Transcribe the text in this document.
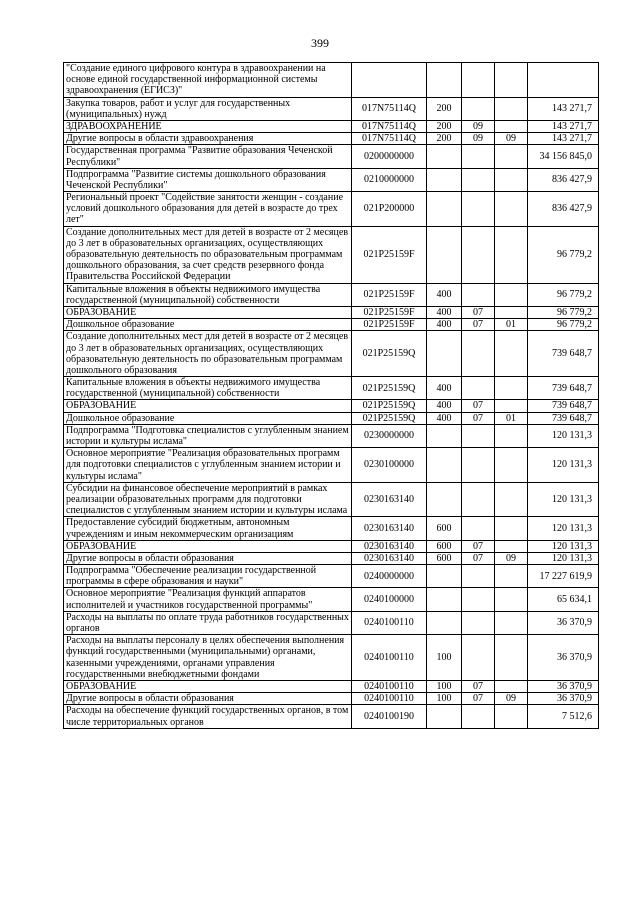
399
"Создание единого цифрового контура в здравоохранении на основе единой государственной информационной системы здравоохранения (ЕГИСЗ)"					
Закупка товаров, работ и услуг для государственных (муниципальных) нужд	017N75114Q	200			143 271,7
ЗДРАВООХРАНЕНИЕ	017N75114Q	200	09		143 271,7
Другие вопросы в области здравоохранения	017N75114Q	200	09	09	143 271,7
Государственная программа "Развитие образования Чеченской Республики"	0200000000				34 156 845,0
Подпрограмма "Развитие системы дошкольного образования Чеченской Республики"	0210000000				836 427,9
Региональный проект "Содействие занятости женщин - создание условий дошкольного образования для детей в возрасте до трех лет"	021P200000				836 427,9
Создание дополнительных мест для детей в возрасте от 2 месяцев до 3 лет в образовательных организациях, осуществляющих образовательную деятельность по образовательным программам дошкольного образования, за счет средств резервного фонда Правительства Российской Федерации	021P25159F				96 779,2
Капитальные вложения в объекты недвижимого имущества государственной (муниципальной) собственности	021P25159F	400			96 779,2
ОБРАЗОВАНИЕ	021P25159F	400	07		96 779,2
Дошкольное образование	021P25159F	400	07	01	96 779,2
Создание дополнительных мест для детей в возрасте от 2 месяцев до 3 лет в образовательных организациях, осуществляющих образовательную деятельность по образовательным программам дошкольного образования	021P25159Q				739 648,7
Капитальные вложения в объекты недвижимого имущества государственной (муниципальной) собственности	021P25159Q	400			739 648,7
ОБРАЗОВАНИЕ	021P25159Q	400	07		739 648,7
Дошкольное образование	021P25159Q	400	07	01	739 648,7
Подпрограмма "Подготовка специалистов с углубленным знанием истории и культуры ислама"	0230000000				120 131,3
Основное мероприятие "Реализация образовательных программ для подготовки специалистов с углубленным знанием истории и культуры ислама"	0230100000				120 131,3
Субсидии на финансовое обеспечение мероприятий в рамках реализации образовательных программ для подготовки специалистов с углубленным знанием истории и культуры ислама	0230163140				120 131,3
Предоставление субсидий бюджетным, автономным учреждениям и иным некоммерческим организациям	0230163140	600			120 131,3
ОБРАЗОВАНИЕ	0230163140	600	07		120 131,3
Другие вопросы в области образования	0230163140	600	07	09	120 131,3
Подпрограмма "Обеспечение реализации государственной программы в сфере образования и науки"	0240000000				17 227 619,9
Основное мероприятие "Реализация функций аппаратов исполнителей и участников государственной программы"	0240100000				65 634,1
Расходы на выплаты по оплате труда работников государственных органов	0240100110				36 370,9
Расходы на выплаты персоналу в целях обеспечения выполнения функций государственными (муниципальными) органами, казенными учреждениями, органами управления государственными внебюджетными фондами	0240100110	100			36 370,9
ОБРАЗОВАНИЕ	0240100110	100	07		36 370,9
Другие вопросы в области образования	0240100110	100	07	09	36 370,9
Расходы на обеспечение функций государственных органов, в том числе территориальных органов	0240100190				7 512,6
